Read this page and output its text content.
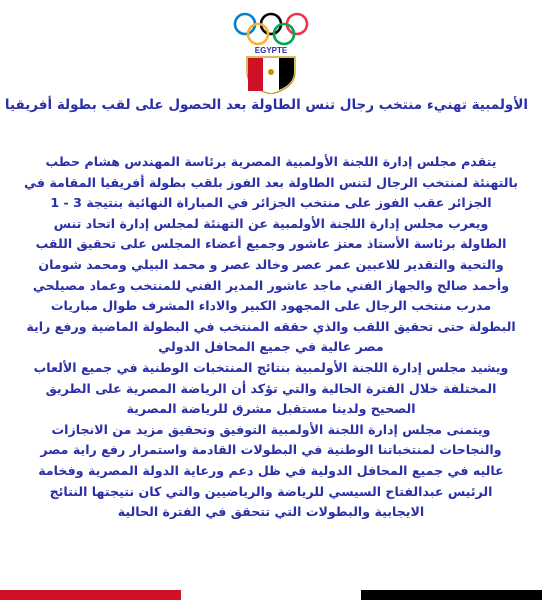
EGYPTE
الأولمبية تهنيء منتخب رجال تنس الطاولة بعد الحصول على لقب بطولة أفريقيا
يتقدم مجلس إدارة اللجنة الأولمبية المصرية برئاسة المهندس هشام حطب
بالتهنئة لمنتخب الرجال لتنس الطاولة بعد الفوز بلقب بطولة أفريقيا المقامة في
الجزائر عقب الفوز على منتخب الجزائر في المباراة النهائية بنتيجة 3 - 1
ويعرب مجلس إدارة اللجنة الأولمبية عن التهنئة لمجلس إدارة اتحاد تنس
الطاولة برئاسة الأستاذ معتز عاشور وجميع أعضاء المجلس على تحقيق اللقب
والتحية والتقدير للاعبين عمر عصر وخالد عصر و محمد البيلي ومحمد شومان
وأحمد صالح والجهاز الفني ماجد عاشور المدير الفني للمنتخب وعماد مصيلحي
مدرب منتخب الرجال على المجهود الكبير والاداء المشرف طوال مباريات
البطولة حتى تحقيق اللقب والذي حققه المنتخب في البطولة الماضية ورفع راية
مصر عالية في جميع المحافل الدولي
ويشيد مجلس إدارة اللجنة الأولمبية بنتائج المنتخبات الوطنية في جميع الألعاب
المختلفة خلال الفترة الحالية والتي تؤكد أن الرياضة المصرية على الطريق
الصحيح ولدينا مستقبل مشرق للرياضة المصرية
ويتمنى مجلس إدارة اللجنة الأولمبية التوفيق وتحقيق مزيد من الانجازات
والنجاحات لمنتخباتنا الوطنية في البطولات القادمة واستمرار رفع راية مصر
عاليه في جميع المحافل الدولية في ظل دعم ورعاية الدولة المصرية وفخامة
الرئيس عبدالفتاح السيسي للرياضة والرياضيين والتي كان نتيجتها النتائج
الايجابية والبطولات التي تتحقق في الفترة الحالية
